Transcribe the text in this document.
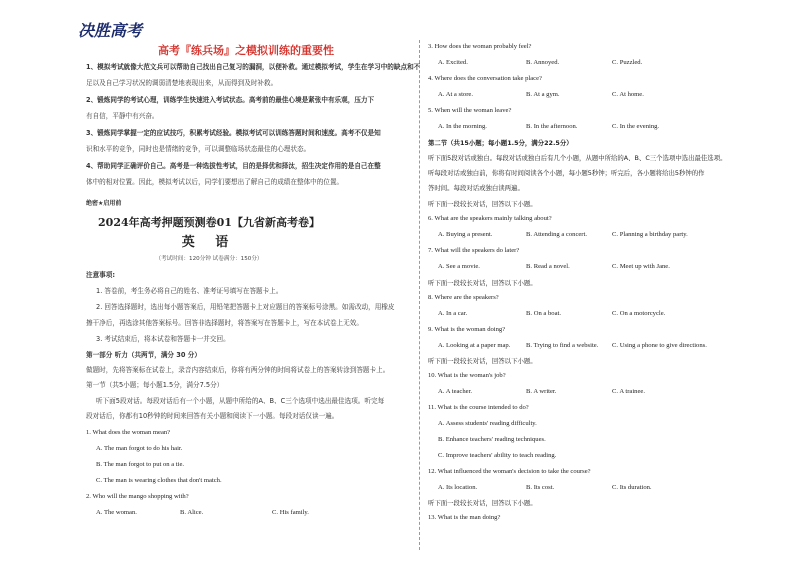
决胜高考
高考『练兵场』之模拟训练的重要性
1、模拟考试就像大范文兵可以帮助自己找出自己复习的漏洞，以便补救。通过模拟考试，学生在学习中的缺点和不
足以及自己学习状况的调弱清楚地表现出来，从而得到及时补救。
2、锻炼同学的考试心理，训练学生快速进入考试状态。高考前的最佳心境是紧张中有乐观，压力下
有自信，平静中有兴奋。
3、锻炼同学掌握一定的应试技巧，积累考试经验。模拟考试可以训练答题时间和速度。高考不仅是知
识和水平的竞争，同时也是情绪的竞争，可以调整临场状态最佳的心理状态。
4、帮助同学正确评价自己。高考是一种选拔性考试，目的是择优和择汰，招生决定作用的是自己在整
体中的相对位置。因此，模拟考试以后，同学们要想出了解自己的成绩在整体中的位置。
绝密★启用前
2024年高考押题预测卷01【九省新高考卷】
英 语
（考试时间：120分钟 试卷满分：150分）
注意事项:
1. 答卷前，考生务必将自己的姓名、准考证号填写在答题卡上。
2. 回答选择题时，选出每小题答案后，用铅笔把答题卡上对应题目的答案标号涂黑。如需改动，用橡皮
擦干净后，再选涂其他答案标号。回答非选择题时，将答案写在答题卡上，写在本试卷上无效。
3. 考试结束后，将本试卷和答题卡一并交回。
第一部分 听力（共两节，满分 30 分）
做题时，先将答案标在试卷上，录音内容结束后，你将有两分钟的时间将试卷上的答案转涂到答题卡上。
第一节（共5小题；每小题1.5分，满分7.5分）
听下面5段对话。每段对话后有一个小题，从题中所给的A、B、C三个选项中选出最佳选项。听完每
段对话后，你都有10秒钟的时间来回答有关小题和阅读下一小题。每段对话仅读一遍。
1. What does the woman mean?
A. The man forgot to do his hair.
B. The man forgot to put on a tie.
C. The man is wearing clothes that don't match.
2. Who will the mango shopping with?
A. The woman.	B. Alice.	C. His family.
3. How does the woman probably feel?
A. Excited.	B. Annoyed.	C. Puzzled.
4. Where does the conversation take place?
A. At a store.	B. At a gym.	C. At home.
5. When will the woman leave?
A. In the morning.	B. In the afternoon.	C. In the evening.
第二节（共15小题；每小题1.5分，满分22.5分）
听下面5段对话或独白。每段对话或独白后有几个小题，从题中所给的A、B、C三个选项中选出最佳选项。
听每段对话或独白前，你将有时间阅读各个小题，每小题5秒钟；听完后，各小题将给出5秒钟的作
答时间。每段对话或独白读两遍。
听下面一段较长对话，回答以下小题。
6. What are the speakers mainly talking about?
A. Buying a present.	B. Attending a concert.	C. Planning a birthday party.
7. What will the speakers do later?
A. See a movie.	B. Read a novel.	C. Meet up with Jane.
听下面一段较长对话，回答以下小题。
8. Where are the speakers?
A. In a car.	B. On a boat.	C. On a motorcycle.
9. What is the woman doing?
A. Looking at a paper map. B. Trying to find a website. C. Using a phone to give directions.
听下面一段较长对话，回答以下小题。
10. What is the woman's job?
A. A teacher.	B. A writer.	C. A trainee.
11. What is the course intended to do?
A. Assess students' reading difficulty.
B. Enhance teachers' reading techniques.
C. Improve teachers' ability to teach reading.
12. What influenced the woman's decision to take the course?
A. Its location.	B. Its cost.	C. Its duration.
听下面一段较长对话，回答以下小题。
13. What is the man doing?
